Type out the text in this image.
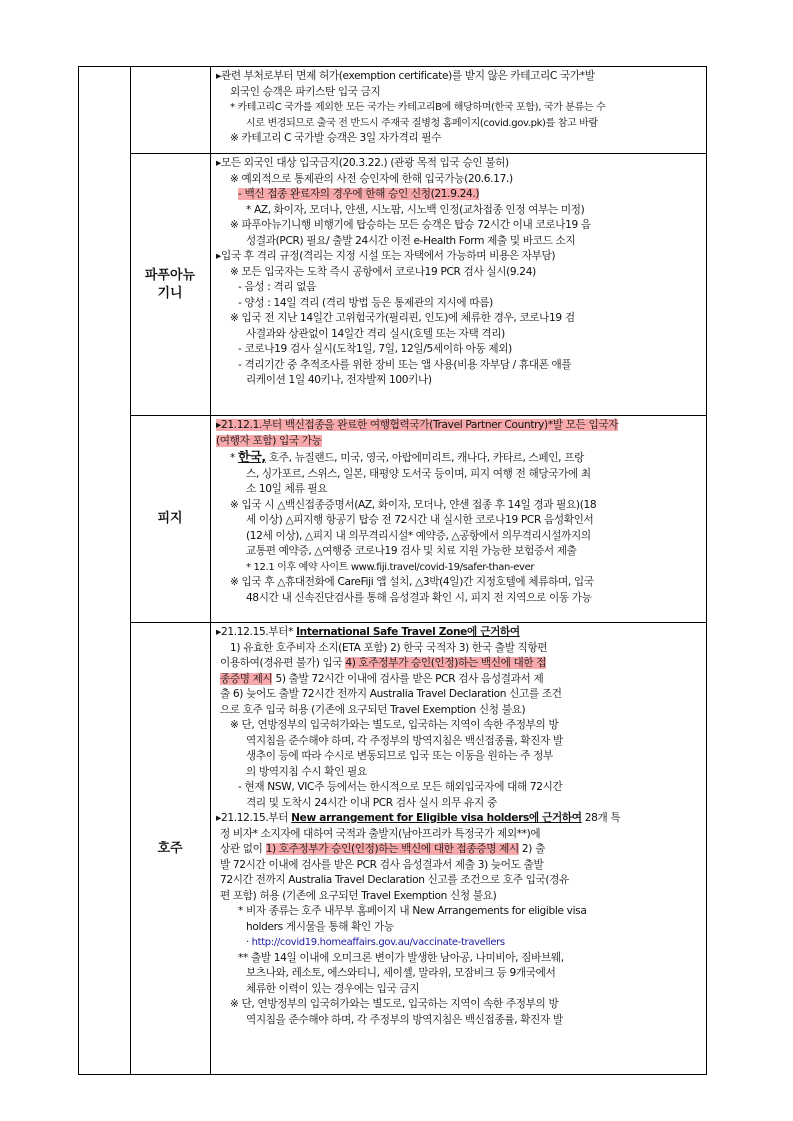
▸관련 부처로부터 면제 허가(exemption certificate)를 받지 않은 카테고리C 국가*발
외국인 승객은 파키스탄 입국 금지
* 카테고리C 국가를 제외한 모든 국가는 카테고리B에 해당하며(한국 포함), 국가 분류는 수
시로 변경되므로 출국 전 반드시 주재국 질병청 홈페이지(covid.gov.pk)를 참고 바람
※ 카테고리 C 국가발 승객은 3일 자가격리 필수
파푸아뉴기니
▸모든 외국인 대상 입국금지(20.3.22.) (관광 목적 입국 승인 불허)
※ 예외적으로 통제관의 사전 승인자에 한해 입국가능(20.6.17.)
- 백신 접종 완료자의 경우에 한해 승인 신청(21.9.24.)
* AZ, 화이자, 모더나, 얀센, 시노팜, 시노백 인정(교차접종 인정 여부는 미정)
※ 파푸아뉴기니행 비행기에 탑승하는 모든 승객은 탑승 72시간 이내 코로나19 음
성결과(PCR) 필요/ 출발 24시간 이전 e-Health Form 제출 및 바코드 소지
▸입국 후 격리 규정(격리는 지정 시설 또는 자택에서 가능하며 비용은 자부담)
※ 모든 입국자는 도착 즉시 공항에서 코로나19 PCR 검사 실시(9.24)
- 음성 : 격리 없음
- 양성 : 14일 격리 (격리 방법 등은 통제관의 지시에 따름)
※ 입국 전 지난 14일간 고위험국가(필리핀, 인도)에 체류한 경우, 코로나19 검
사결과와 상관없이 14일간 격리 실시(호텔 또는 자택 격리)
- 코로나19 검사 실시(도착1일, 7일, 12일/5세이하 아동 제외)
- 격리기간 중 추적조사를 위한 장비 또는 앱 사용(비용 자부담 / 휴대폰 애플
리케이션 1일 40키나, 전자발찌 100키나)
피지
▸21.12.1.부터 백신접종을 완료한 여행협력국가(Travel Partner Country)*발 모든 입국자
(여행자 포함) 입국 가능
* 한국, 호주, 뉴질랜드, 미국, 영국, 아랍에미리트, 캐나다, 카타르, 스페인, 프랑
스, 싱가포르, 스위스, 일본, 태평양 도서국 등이며, 피지 여행 전 해당국가에 최
소 10일 체류 필요
※ 입국 시 △백신접종증명서(AZ, 화이자, 모더나, 얀센 접종 후 14일 경과 필요)(18
세 이상) △피지행 항공기 탑승 전 72시간 내 실시한 코로나19 PCR 음성확인서
(12세 이상), △피지 내 의무격리시설* 예약증, △공항에서 의무격리시설까지의
교통편 예약증, △여행중 코로나19 검사 및 치료 지원 가능한 보험증서 제출
* 12.1 이후 예약 사이트 www.fiji.travel/covid-19/safer-than-ever
※ 입국 후 △휴대전화에 CareFiji 앱 설치, △3박(4일)간 지정호텔에 체류하며, 입국
48시간 내 신속진단검사를 통해 음성결과 확인 시, 피지 전 지역으로 이동 가능
호주
▸21.12.15.부터* International Safe Travel Zone에 근거하여
1) 유효한 호주비자 소지(ETA 포함) 2) 한국 국적자 3) 한국 출발 직항편
이용하여(경유편 불가) 입국 4) 호주정부가 승인(인정)하는 백신에 대한 접
종증명 제시 5) 출발 72시간 이내에 검사를 받은 PCR 검사 음성결과서 제
출 6) 늦어도 출발 72시간 전까지 Australia Travel Declaration 신고를 조건
으로 호주 입국 허용 (기존에 요구되던 Travel Exemption 신청 불요)
※ 단, 연방정부의 입국허가와는 별도로, 입국하는 지역이 속한 주정부의 방
역지침을 준수해야 하며, 각 주정부의 방역지침은 백신접종률, 확진자 발
생추이 등에 따라 수시로 변동되므로 입국 또는 이동을 원하는 주 정부
의 방역지침 수시 확인 필요
- 현재 NSW, VIC주 등에서는 한시적으로 모든 해외입국자에 대해 72시간
격리 및 도착시 24시간 이내 PCR 검사 실시 의무 유지 중
▸21.12.15.부터 New arrangement for Eligible visa holders에 근거하여 28개 특
정 비자* 소지자에 대하여 국적과 출발지(남아프리카 특정국가 제외**)에
상관 없이 1) 호주정부가 승인(인정)하는 백신에 대한 접종증명 제시 2) 출
발 72시간 이내에 검사를 받은 PCR 검사 음성결과서 제출 3) 늦어도 출발
72시간 전까지 Australia Travel Declaration 신고를 조건으로 호주 입국(경유
편 포함) 허용 (기존에 요구되던 Travel Exemption 신청 불요)
* 비자 종류는 호주 내무부 홈페이지 내 New Arrangements for eligible visa
holders 게시물을 통해 확인 가능
‧ http://covid19.homeaffairs.gov.au/vaccinate-travellers
** 출발 14일 이내에 오미크론 변이가 발생한 남아공, 나미비아, 짐바브웨,
보츠나와, 레소토, 에스와티니, 세이셸, 말라위, 모잠비크 등 9개국에서
체류한 이력이 있는 경우에는 입국 금지
※ 단, 연방정부의 입국허가와는 별도로, 입국하는 지역이 속한 주정부의 방
역지침을 준수해야 하며, 각 주정부의 방역지침은 백신접종률, 확진자 발
